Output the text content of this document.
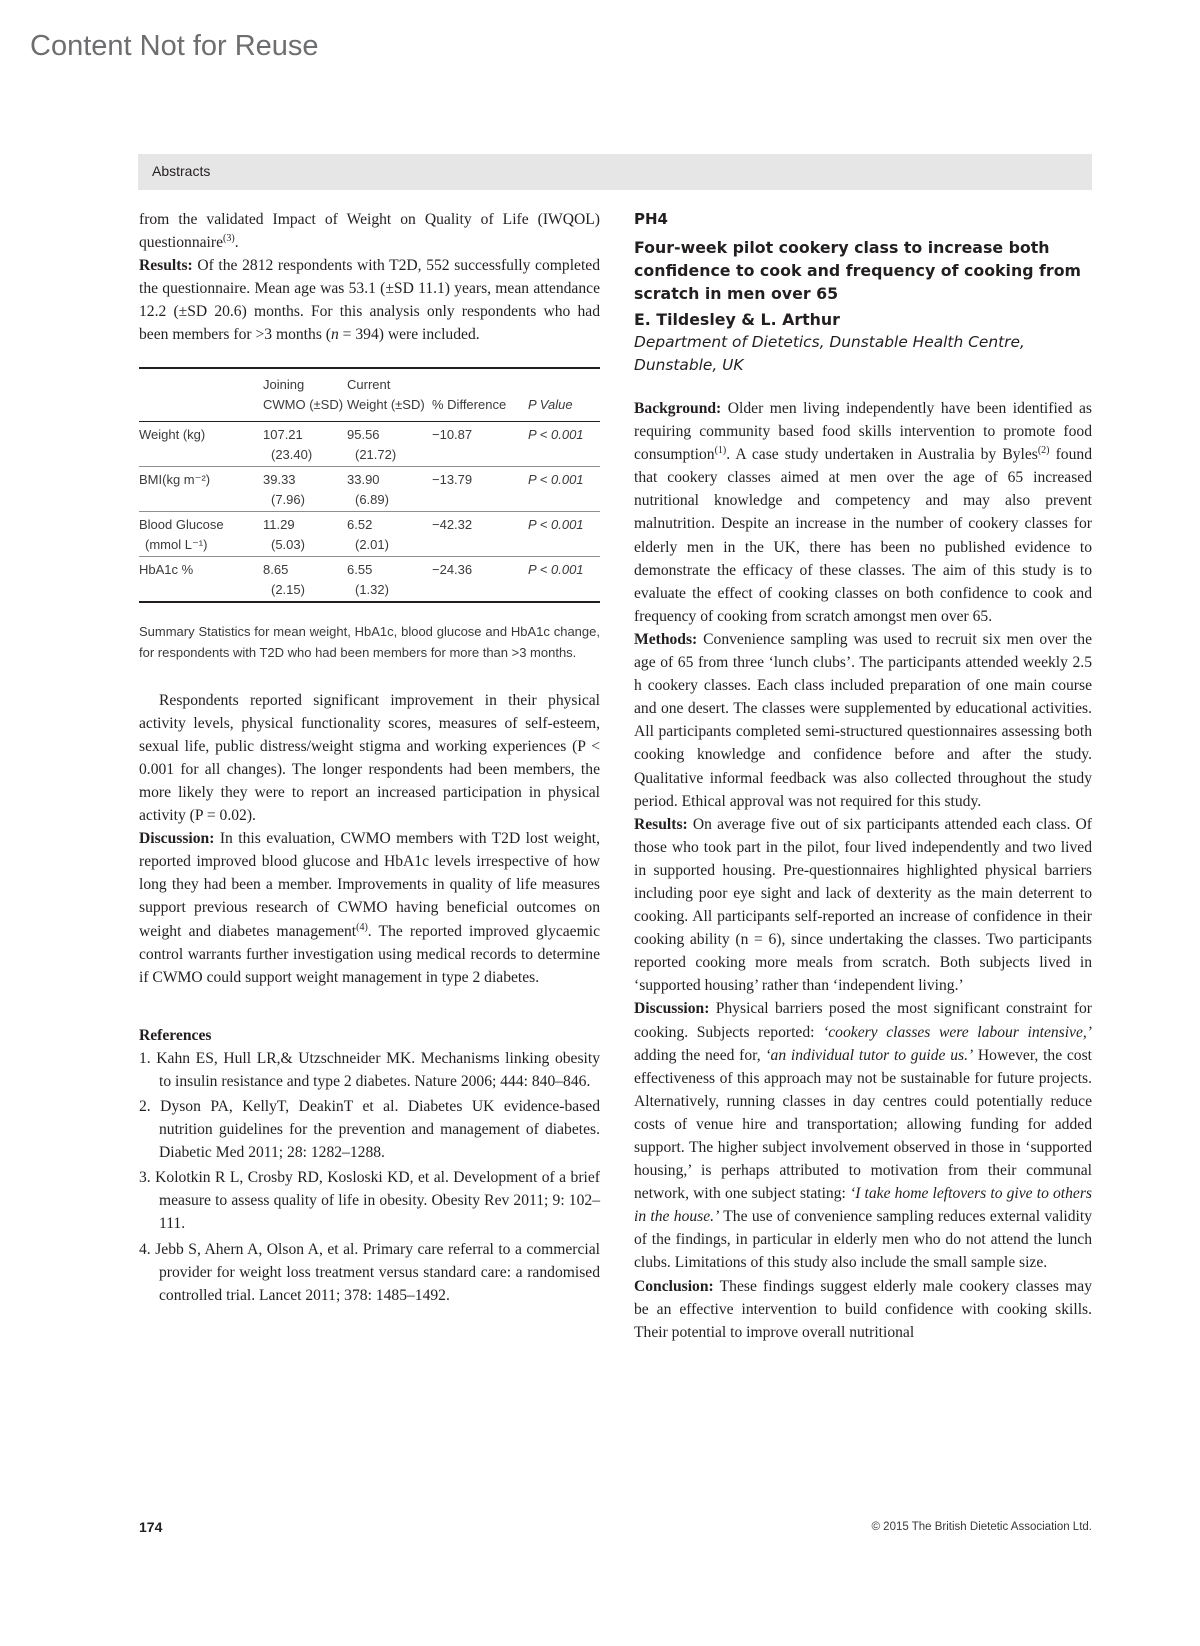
Content Not for Reuse
Abstracts

from the validated Impact of Weight on Quality of Life (IWQOL) questionnaire$^{(3)}$.
Results: Of the 2812 respondents with T2D, 552 successfully completed the questionnaire. Mean age was 53.1 (±SD 11.1) years, mean attendance 12.2 (±SD 20.6) months. For this analysis only respondents who had been members for >3 months (n = 394) were included.

	Joining CWMO (±SD)	Current Weight (±SD)	% Difference	P Value
Weight (kg)	107.21	95.56	−10.87	P < 0.001
	(23.40)	(21.72)		
BMI(kg m⁻²)	39.33	33.90	−13.79	P < 0.001
	(7.96)	(6.89)		
Blood Glucose	11.29	6.52	−42.32	P < 0.001
(mmol L⁻¹)	(5.03)	(2.01)		
HbA1c %	8.65	6.55	−24.36	P < 0.001
	(2.15)	(1.32)		
Summary Statistics for mean weight, HbA1c, blood glucose and HbA1c change, for respondents with T2D who had been members for more than >3 months.

Respondents reported significant improvement in their physical activity levels, physical functionality scores, measures of self-esteem, sexual life, public distress/weight stigma and working experiences (P < 0.001 for all changes). The longer respondents had been members, the more likely they were to report an increased participation in physical activity (P = 0.02).

Discussion: In this evaluation, CWMO members with T2D lost weight, reported improved blood glucose and HbA1c levels irrespective of how long they had been a member. Improvements in quality of life measures support previous research of CWMO having beneficial outcomes on weight and diabetes management$^{(4)}$. The reported improved glycaemic control warrants further investigation using medical records to determine if CWMO could support weight management in type 2 diabetes.

References
1. Kahn ES, Hull LR,& Utzschneider MK. Mechanisms linking obesity to insulin resistance and type 2 diabetes. Nature 2006; 444: 840–846.
2. Dyson PA, KellyT, DeakinT et al. Diabetes UK evidence-based nutrition guidelines for the prevention and management of diabetes. Diabetic Med 2011; 28: 1282–1288.
3. Kolotkin R L, Crosby RD, Kosloski KD, et al. Development of a brief measure to assess quality of life in obesity. Obesity Rev 2011; 9: 102–111.
4. Jebb S, Ahern A, Olson A, et al. Primary care referral to a commercial provider for weight loss treatment versus standard care: a randomised controlled trial. Lancet 2011; 378: 1485–1492.
PH4
Four-week pilot cookery class to increase both confidence to cook and frequency of cooking from scratch in men over 65
E. Tildesley & L. Arthur
Department of Dietetics, Dunstable Health Centre,
Dunstable, UK

Background: Older men living independently have been identified as requiring community based food skills intervention to promote food consumption$^{(1)}$. A case study undertaken in Australia by Byles$^{(2)}$ found that cookery classes aimed at men over the age of 65 increased nutritional knowledge and competency and may also prevent malnutrition. Despite an increase in the number of cookery classes for elderly men in the UK, there has been no published evidence to demonstrate the efficacy of these classes. The aim of this study is to evaluate the effect of cooking classes on both confidence to cook and frequency of cooking from scratch amongst men over 65.
Methods: Convenience sampling was used to recruit six men over the age of 65 from three ‘lunch clubs’. The participants attended weekly 2.5 h cookery classes. Each class included preparation of one main course and one desert. The classes were supplemented by educational activities. All participants completed semi-structured questionnaires assessing both cooking knowledge and confidence before and after the study. Qualitative informal feedback was also collected throughout the study period. Ethical approval was not required for this study.
Results: On average five out of six participants attended each class. Of those who took part in the pilot, four lived independently and two lived in supported housing. Pre-questionnaires highlighted physical barriers including poor eye sight and lack of dexterity as the main deterrent to cooking. All participants self-reported an increase of confidence in their cooking ability (n = 6), since undertaking the classes. Two participants reported cooking more meals from scratch. Both subjects lived in ‘supported housing’ rather than ‘independent living.’
Discussion: Physical barriers posed the most significant constraint for cooking. Subjects reported: ‘cookery classes were labour intensive,’ adding the need for, ‘an individual tutor to guide us.’ However, the cost effectiveness of this approach may not be sustainable for future projects. Alternatively, running classes in day centres could potentially reduce costs of venue hire and transportation; allowing funding for added support. The higher subject involvement observed in those in ‘supported housing,’ is perhaps attributed to motivation from their communal network, with one subject stating: ‘I take home leftovers to give to others in the house.’ The use of convenience sampling reduces external validity of the findings, in particular in elderly men who do not attend the lunch clubs. Limitations of this study also include the small sample size.
Conclusion: These findings suggest elderly male cookery classes may be an effective intervention to build confidence with cooking skills. Their potential to improve overall nutritional

174	© 2015 The British Dietetic Association Ltd.
